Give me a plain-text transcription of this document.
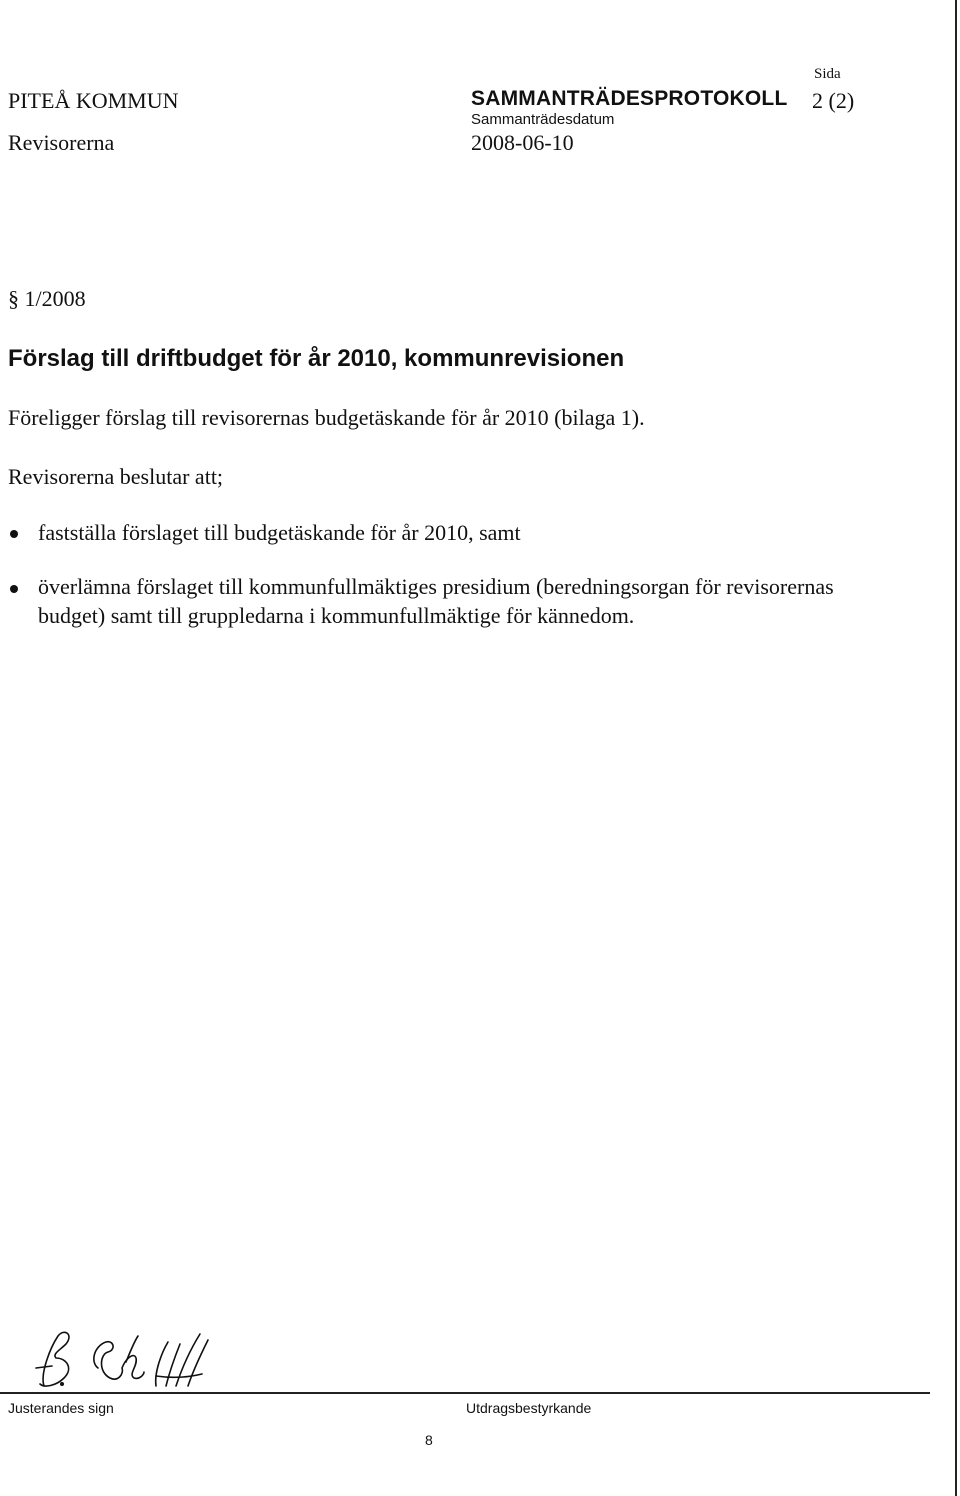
PITEÅ KOMMUN
Revisorerna
SAMMANTRÄDESPROTOKOLL
Sammanträdesdatum
2008-06-10
Sida
2 (2)
§ 1/2008
Förslag till driftbudget för år 2010, kommunrevisionen
Föreligger förslag till revisorernas budgetäskande för år 2010 (bilaga 1).
Revisorerna beslutar att;
fastställa förslaget till budgetäskande för år 2010, samt
överlämna förslaget till kommunfullmäktiges presidium (beredningsorgan för revisorernas
budget) samt till gruppledarna i kommunfullmäktige för kännedom.
Justerandes sign	Utdragsbestyrkande
8
